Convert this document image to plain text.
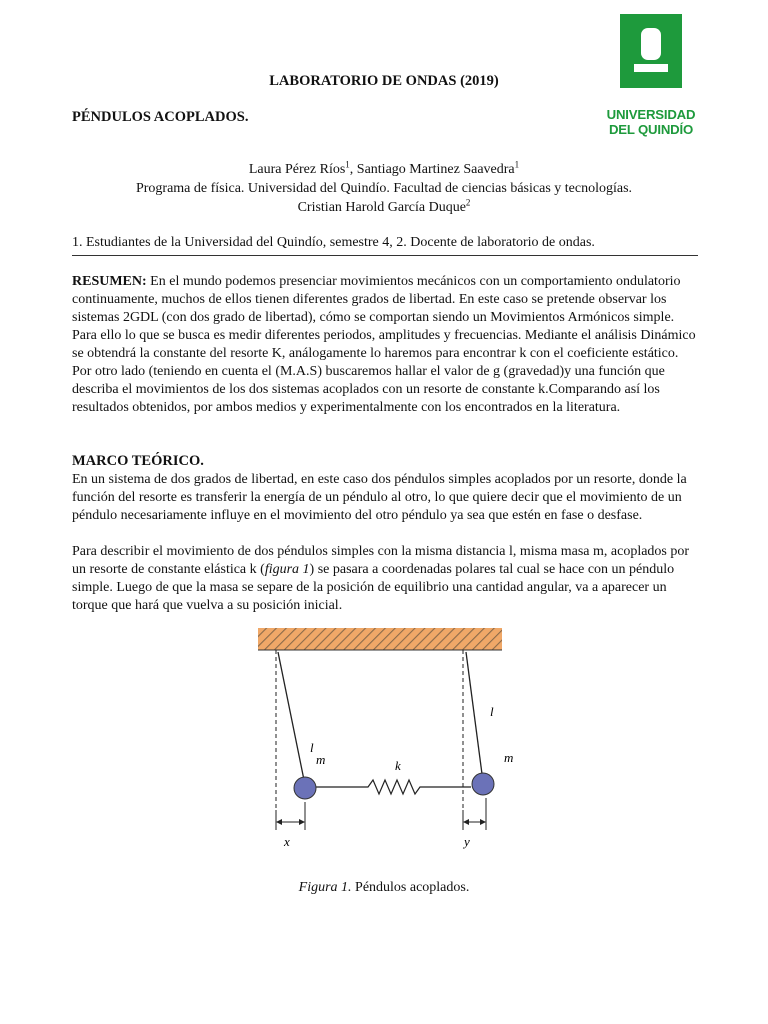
UNIVERSIDAD
DEL QUINDÍO
LABORATORIO DE ONDAS (2019)
PÉNDULOS ACOPLADOS.
Laura Pérez Ríos$^1$, Santiago Martinez Saavedra$^1$
Programa de física. Universidad del Quindío. Facultad de ciencias básicas y tecnologías.
Cristian Harold García Duque$^2$
1. Estudiantes de la Universidad del Quindío, semestre 4, 2. Docente de laboratorio de ondas.
RESUMEN: En el mundo podemos presenciar movimientos mecánicos con un comportamiento ondulatorio continuamente, muchos de ellos tienen diferentes grados de libertad. En este caso se pretende observar los sistemas 2GDL (con dos grado de libertad), cómo se comportan siendo un Movimientos Armónicos simple. Para ello lo que se busca es medir diferentes periodos, amplitudes y frecuencias. Mediante el análisis Dinámico se obtendrá la constante del resorte K, análogamente lo haremos para encontrar k con el coeficiente estático. Por otro lado (teniendo en cuenta el (M.A.S) buscaremos hallar el valor de g (gravedad)y una función que describa el movimientos de los dos sistemas acoplados con un resorte de constante k.Comparando así los resultados obtenidos, por ambos medios y experimentalmente con los encontrados en la literatura.
MARCO TEÓRICO.
En un sistema de dos grados de libertad, en este caso dos péndulos simples acoplados por un resorte, donde la función del resorte es transferir la energía de un péndulo al otro, lo que quiere decir que el movimiento de un péndulo necesariamente influye en el movimiento del otro péndulo ya sea que estén en fase o desfase.
Para describir el movimiento de dos péndulos simples con la misma distancia l, misma masa m, acoplados por un resorte de constante elástica k (figura 1) se pasara a coordenadas polares tal cual se hace con un péndulo simple. Luego de que la masa se separe de la posición de equilibrio una cantidad angular, va a aparecer un torque que hará que vuelva a su posición inicial.
l
l
m	m
k
x	y
Figura 1. Péndulos acoplados.
